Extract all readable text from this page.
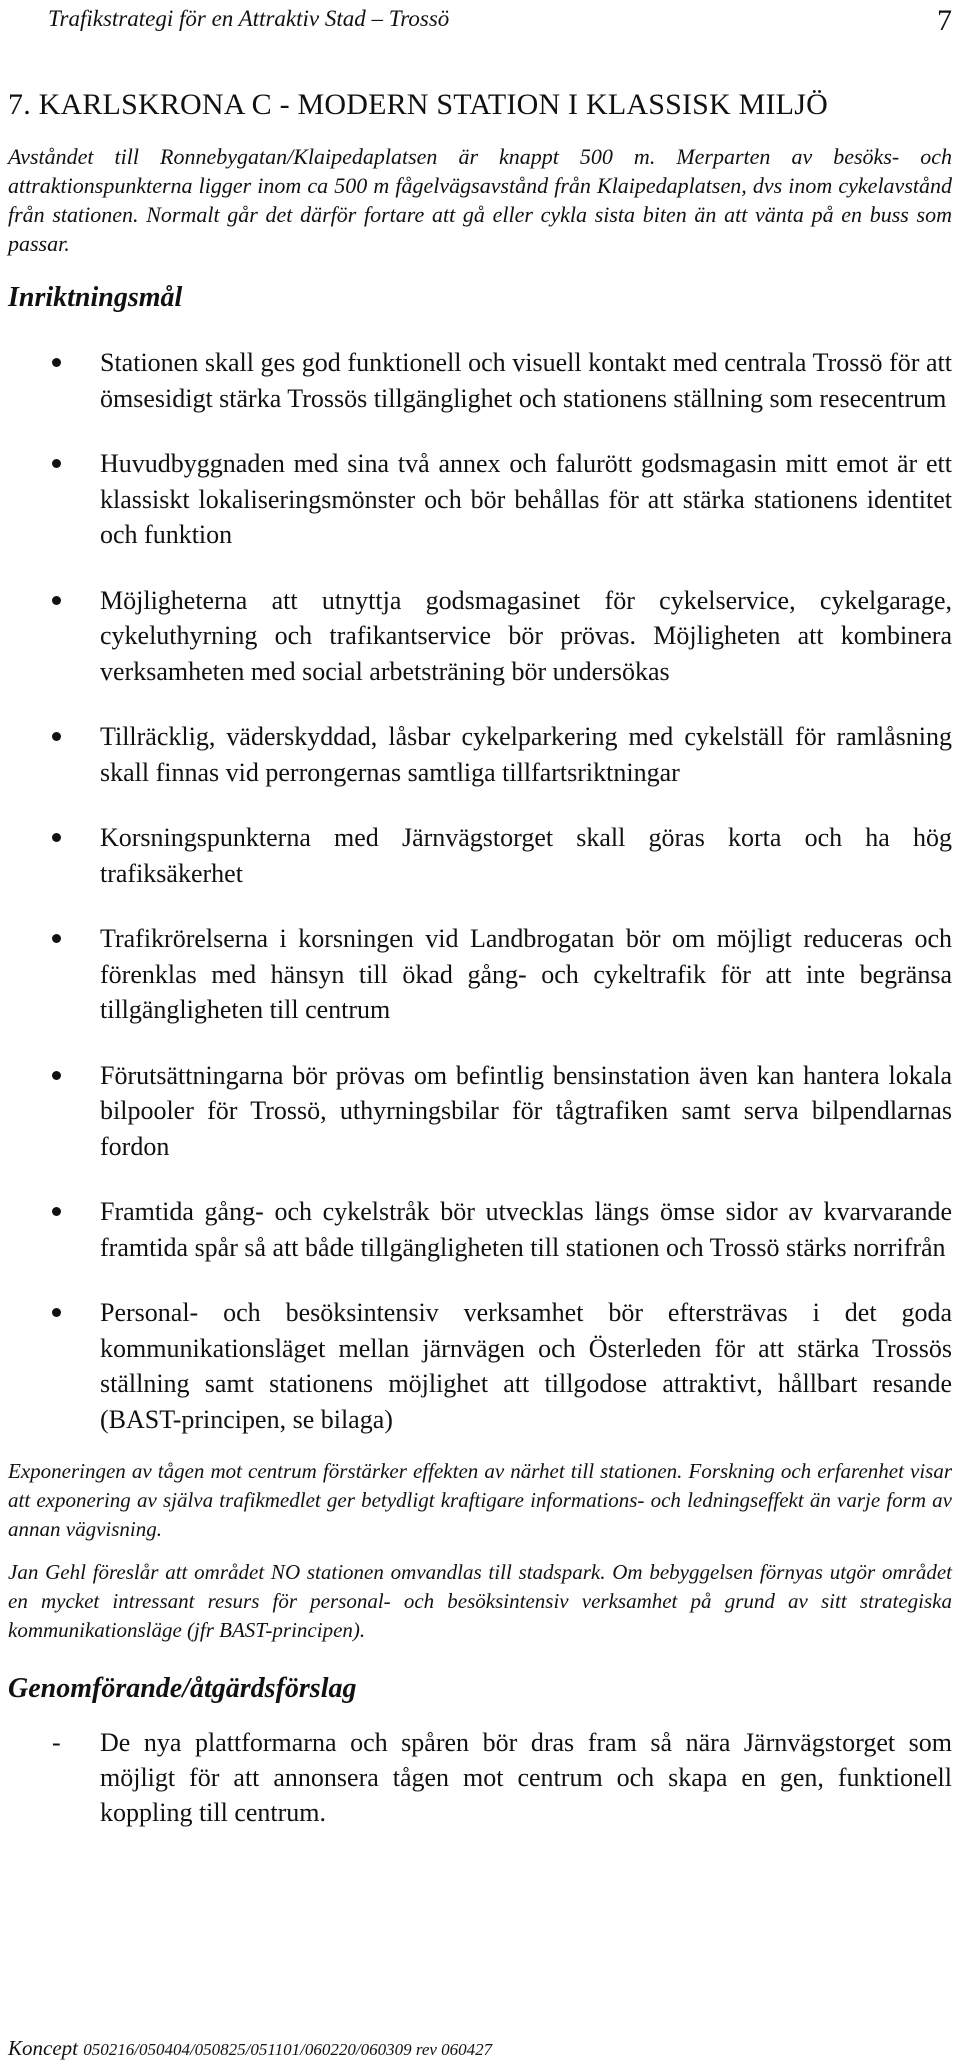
Trafikstrategi för en Attraktiv Stad – Trossö	7
7. KARLSKRONA C - MODERN STATION I KLASSISK MILJÖ
Avståndet till Ronnebygatan/Klaipedaplatsen är knappt 500 m. Merparten av besöks- och attraktionspunkterna ligger inom ca 500 m fågelvägsavstånd från Klaipedaplatsen, dvs inom cykelavstånd från stationen. Normalt går det därför fortare att gå eller cykla sista biten än att vänta på en buss som passar.
Inriktningsmål
Stationen skall ges god funktionell och visuell kontakt med centrala Trossö för att ömsesidigt stärka Trossös tillgänglighet och stationens ställning som resecentrum
Huvudbyggnaden med sina två annex och falurött godsmagasin mitt emot är ett klassiskt lokaliseringsmönster och bör behållas för att stärka stationens identitet och funktion
Möjligheterna att utnyttja godsmagasinet för cykelservice, cykelgarage, cykeluthyrning och trafikantservice bör prövas. Möjligheten att kombinera verksamheten med social arbetsträning bör undersökas
Tillräcklig, väderskyddad, låsbar cykelparkering med cykelställ för ramlåsning skall finnas vid perrongernas samtliga tillfartsriktningar
Korsningspunkterna med Järnvägstorget skall göras korta och ha hög trafiksäkerhet
Trafikrörelserna i korsningen vid Landbrogatan bör om möjligt reduceras och förenklas med hänsyn till ökad gång- och cykeltrafik för att inte begränsa tillgängligheten till centrum
Förutsättningarna bör prövas om befintlig bensinstation även kan hantera lokala bilpooler för Trossö, uthyrningsbilar för tågtrafiken samt serva bilpendlarnas fordon
Framtida gång- och cykelstråk bör utvecklas längs ömse sidor av kvarvarande framtida spår så att både tillgängligheten till stationen och Trossö stärks norrifrån
Personal- och besöksintensiv verksamhet bör eftersträvas i det goda kommunikationsläget mellan järnvägen och Österleden för att stärka Trossös ställning samt stationens möjlighet att tillgodose attraktivt, hållbart resande (BAST-principen, se bilaga)
Exponeringen av tågen mot centrum förstärker effekten av närhet till stationen. Forskning och erfarenhet visar att exponering av själva trafikmedlet ger betydligt kraftigare informations- och ledningseffekt än varje form av annan vägvisning.
Jan Gehl föreslår att området NO stationen omvandlas till stadspark. Om bebyggelsen förnyas utgör området en mycket intressant resurs för personal- och besöksintensiv verksamhet på grund av sitt strategiska kommunikationsläge (jfr BAST-principen).
Genomförande/åtgärdsförslag
- De nya plattformarna och spåren bör dras fram så nära Järnvägstorget som möjligt för att annonsera tågen mot centrum och skapa en gen, funktionell koppling till centrum.
Koncept 050216/050404/050825/051101/060220/060309 rev 060427
